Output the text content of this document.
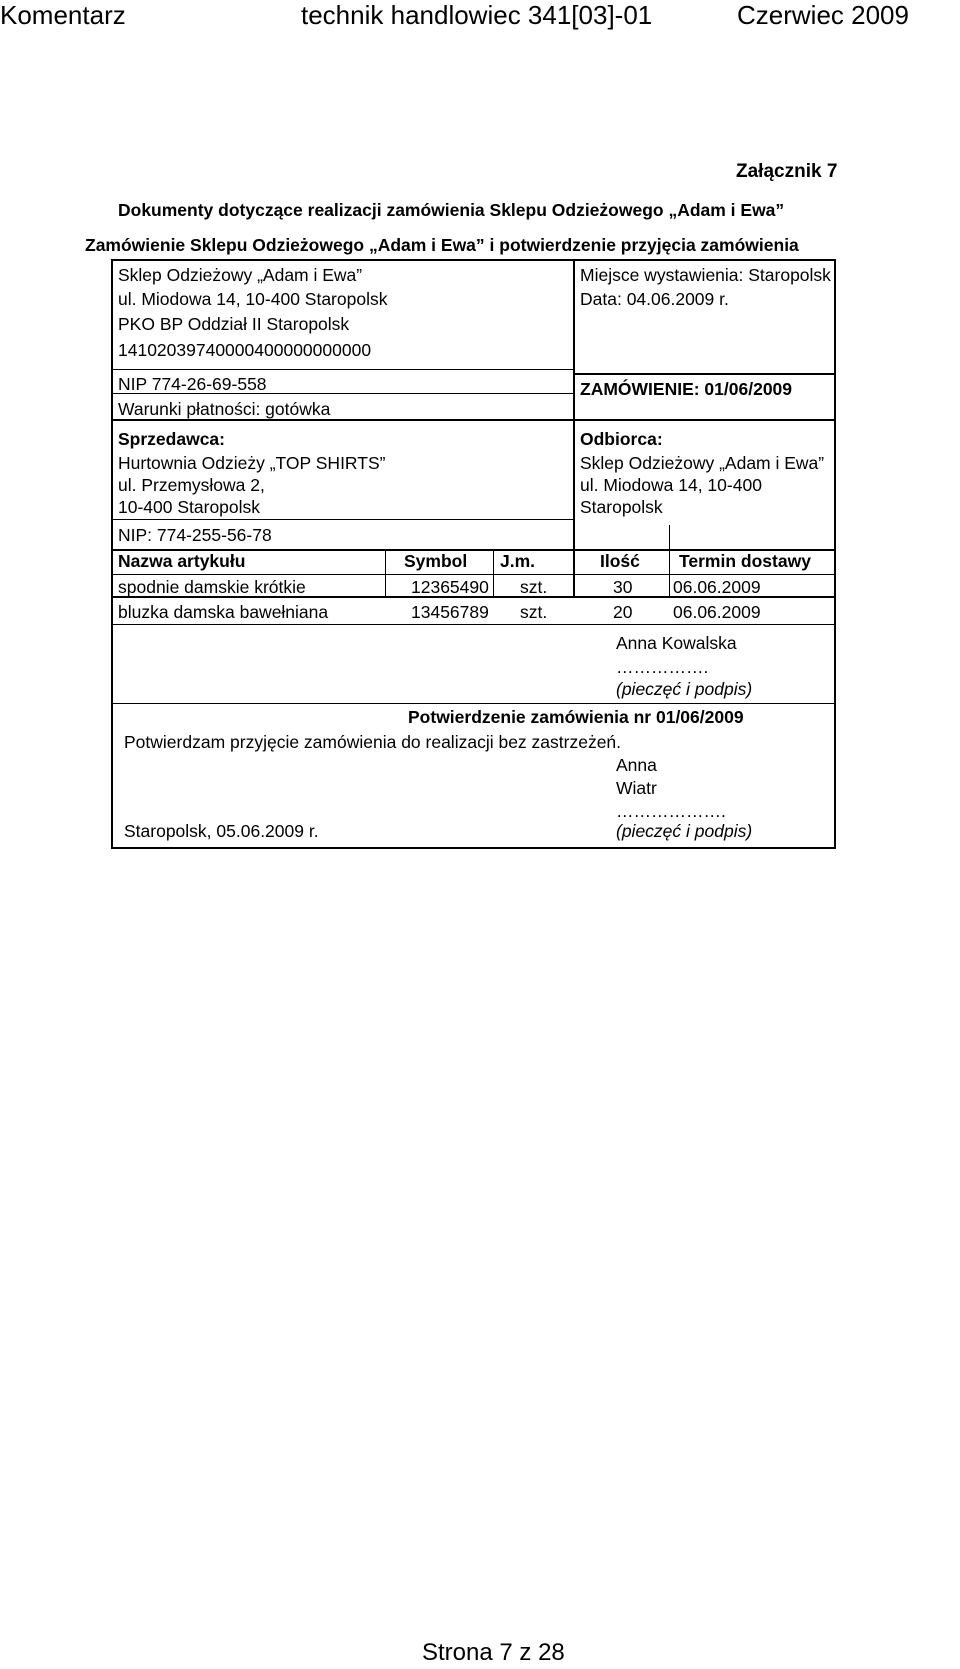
Komentarz	technik handlowiec 341[03]-01	Czerwiec 2009
Załącznik 7
Dokumenty dotyczące realizacji zamówienia Sklepu Odzieżowego „Adam i Ewa”
Zamówienie Sklepu Odzieżowego „Adam i Ewa” i potwierdzenie przyjęcia zamówienia
Sklep Odzieżowy „Adam i Ewa”
ul. Miodowa 14, 10-400 Staropolsk
PKO BP Oddział II Staropolsk
14102039740000400000000000
NIP 774-26-69-558
Warunki płatności: gotówka
Miejsce wystawienia: Staropolsk
Data: 04.06.2009 r.
ZAMÓWIENIE: 01/06/2009
Sprzedawca:
Hurtownia Odzieży „TOP SHIRTS”
ul. Przemysłowa 2,
10-400 Staropolsk
NIP: 774-255-56-78
Odbiorca:
Sklep Odzieżowy „Adam i Ewa”
ul. Miodowa 14, 10-400
Staropolsk
Nazwa artykułu	Symbol J.m.	Ilość Termin dostawy
spodnie damskie krótkie	12365490 szt.	30 06.06.2009
bluzka damska bawełniana	13456789 szt.	20 06.06.2009
Anna Kowalska
…………….
(pieczęć i podpis)
Potwierdzenie zamówienia nr 01/06/2009
Potwierdzam przyjęcie zamówienia do realizacji bez zastrzeżeń.
Anna
Wiatr
……………….
Staropolsk, 05.06.2009 r.	(pieczęć i podpis)
Strona 7 z 28
